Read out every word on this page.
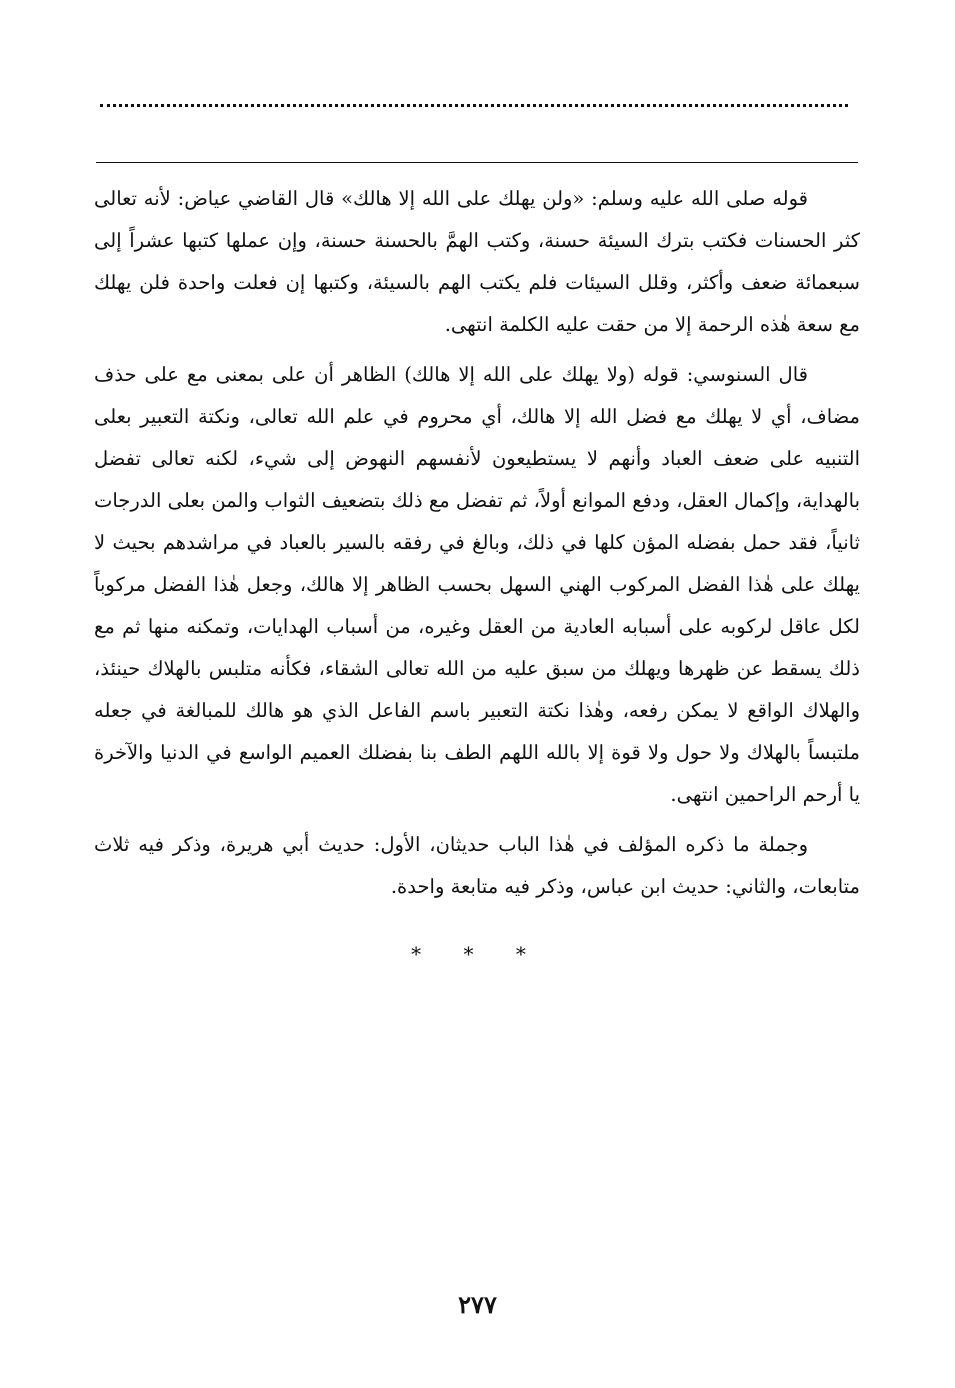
قوله صلى الله عليه وسلم: «ولن يهلك على الله إلا هالك» قال القاضي عياض: لأنه تعالى كثر الحسنات فكتب بترك السيئة حسنة، وكتب الهمَّ بالحسنة حسنة، وإن عملها كتبها عشراً إلى سبعمائة ضعف وأكثر، وقلل السيئات فلم يكتب الهم بالسيئة، وكتبها إن فعلت واحدة فلن يهلك مع سعة هٰذه الرحمة إلا من حقت عليه الكلمة انتهى.

قال السنوسي: قوله (ولا يهلك على الله إلا هالك) الظاهر أن على بمعنى مع على حذف مضاف، أي لا يهلك مع فضل الله إلا هالك، أي محروم في علم الله تعالى، ونكتة التعبير بعلى التنبيه على ضعف العباد وأنهم لا يستطيعون لأنفسهم النهوض إلى شيء، لكنه تعالى تفضل بالهداية، وإكمال العقل، ودفع الموانع أولاً، ثم تفضل مع ذلك بتضعيف الثواب والمن بعلى الدرجات ثانياً، فقد حمل بفضله المؤن كلها في ذلك، وبالغ في رفقه بالسير بالعباد في مراشدهم بحيث لا يهلك على هٰذا الفضل المركوب الهني السهل بحسب الظاهر إلا هالك، وجعل هٰذا الفضل مركوباً لكل عاقل لركوبه على أسبابه العادية من العقل وغيره، من أسباب الهدايات، وتمكنه منها ثم مع ذلك يسقط عن ظهرها ويهلك من سبق عليه من الله تعالى الشقاء، فكأنه متلبس بالهلاك حينئذ، والهلاك الواقع لا يمكن رفعه، وهٰذا نكتة التعبير باسم الفاعل الذي هو هالك للمبالغة في جعله ملتبساً بالهلاك ولا حول ولا قوة إلا بالله اللهم الطف بنا بفضلك العميم الواسع في الدنيا والآخرة يا أرحم الراحمين انتهى.

وجملة ما ذكره المؤلف في هٰذا الباب حديثان، الأول: حديث أبي هريرة، وذكر فيه ثلاث متابعات، والثاني: حديث ابن عباس، وذكر فيه متابعة واحدة.

* * *
٢٧٧
